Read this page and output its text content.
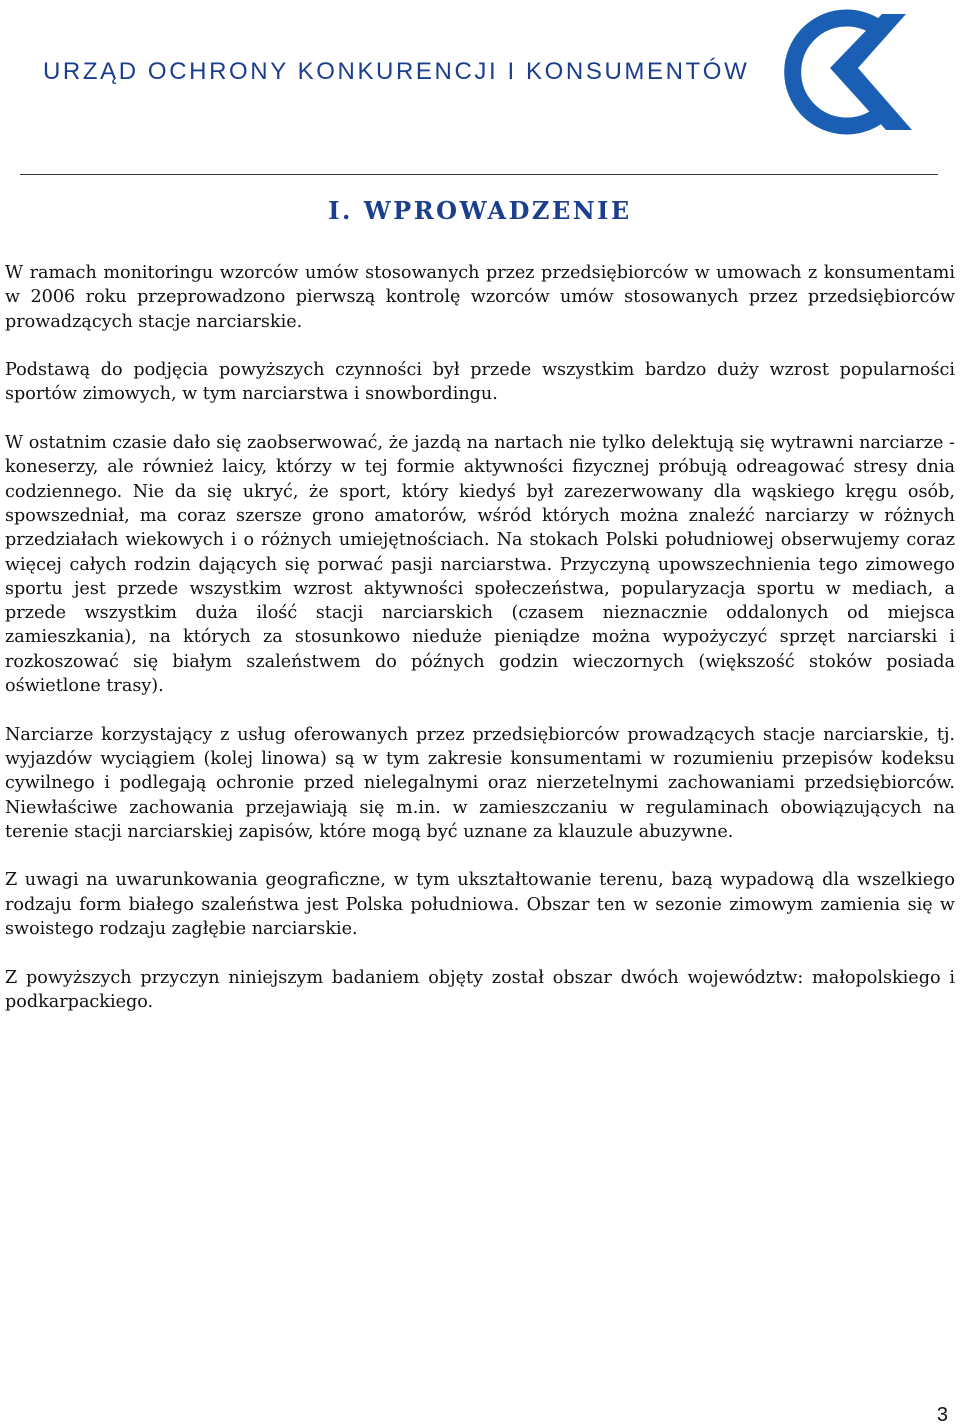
URZĄD OCHRONY KONKURENCJI I KONSUMENTÓW
I. WPROWADZENIE

W ramach monitoringu wzorców umów stosowanych przez przedsiębiorców w umowach z konsumentami w 2006 roku przeprowadzono pierwszą kontrolę wzorców umów stosowanych przez przedsiębiorców prowadzących stacje narciarskie.

Podstawą do podjęcia powyższych czynności był przede wszystkim bardzo duży wzrost popularności sportów zimowych, w tym narciarstwa i snowbordingu.

W ostatnim czasie dało się zaobserwować, że jazdą na nartach nie tylko delektują się wytrawni narciarze - koneserzy, ale również laicy, którzy w tej formie aktywności fizycznej próbują odreagować stresy dnia codziennego. Nie da się ukryć, że sport, który kiedyś był zarezerwowany dla wąskiego kręgu osób, spowszedniał, ma coraz szersze grono amatorów, wśród których można znaleźć narciarzy w różnych przedziałach wiekowych i o różnych umiejętnościach. Na stokach Polski południowej obserwujemy coraz więcej całych rodzin dających się porwać pasji narciarstwa. Przyczyną upowszechnienia tego zimowego sportu jest przede wszystkim wzrost aktywności społeczeństwa, popularyzacja sportu w mediach, a przede wszystkim duża ilość stacji narciarskich (czasem nieznacznie oddalonych od miejsca zamieszkania), na których za stosunkowo nieduże pieniądze można wypożyczyć sprzęt narciarski i rozkoszować się białym szaleństwem do późnych godzin wieczornych (większość stoków posiada oświetlone trasy).

Narciarze korzystający z usług oferowanych przez przedsiębiorców prowadzących stacje narciarskie, tj. wyjazdów wyciągiem (kolej linowa) są w tym zakresie konsumentami w rozumieniu przepisów kodeksu cywilnego i podlegają ochronie przed nielegalnymi oraz nierzetelnymi zachowaniami przedsiębiorców. Niewłaściwe zachowania przejawiają się m.in. w zamieszczaniu w regulaminach obowiązujących na terenie stacji narciarskiej zapisów, które mogą być uznane za klauzule abuzywne.

Z uwagi na uwarunkowania geograficzne, w tym ukształtowanie terenu, bazą wypadową dla wszelkiego rodzaju form białego szaleństwa jest Polska południowa. Obszar ten w sezonie zimowym zamienia się w swoistego rodzaju zagłębie narciarskie.

Z powyższych przyczyn niniejszym badaniem objęty został obszar dwóch województw: małopolskiego i podkarpackiego.

3
